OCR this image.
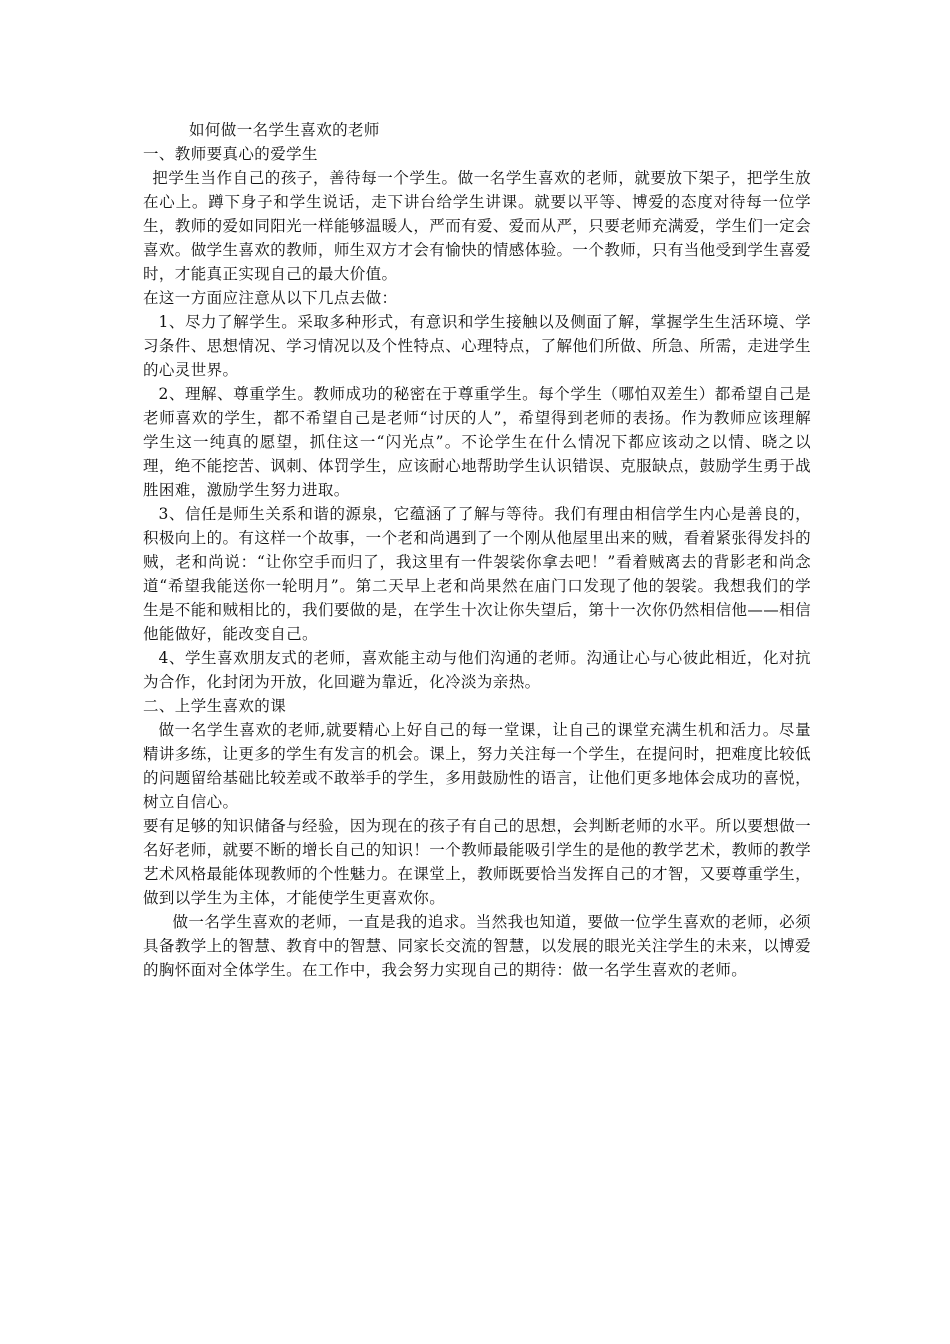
如何做一名学生喜欢的老师
一、教师要真心的爱学生

把学生当作自己的孩子，善待每一个学生。做一名学生喜欢的老师，就要放下架子，把学生放在心上。蹲下身子和学生说话，走下讲台给学生讲课。就要以平等、博爱的态度对待每一位学生，教师的爱如同阳光一样能够温暖人，严而有爱、爱而从严，只要老师充满爱，学生们一定会喜欢。做学生喜欢的教师，师生双方才会有愉快的情感体验。一个教师，只有当他受到学生喜爱时，才能真正实现自己的最大价值。

在这一方面应注意从以下几点去做：

1、尽力了解学生。采取多种形式，有意识和学生接触以及侧面了解，掌握学生生活环境、学习条件、思想情况、学习情况以及个性特点、心理特点，了解他们所做、所急、所需，走进学生的心灵世界。

2、理解、尊重学生。教师成功的秘密在于尊重学生。每个学生（哪怕双差生）都希望自己是老师喜欢的学生，都不希望自己是老师“讨厌的人”，希望得到老师的表扬。作为教师应该理解学生这一纯真的愿望，抓住这一“闪光点”。不论学生在什么情况下都应该动之以情、晓之以理，绝不能挖苦、讽刺、体罚学生，应该耐心地帮助学生认识错误、克服缺点，鼓励学生勇于战胜困难，激励学生努力进取。

3、信任是师生关系和谐的源泉，它蕴涵了了解与等待。我们有理由相信学生内心是善良的，积极向上的。有这样一个故事，一个老和尚遇到了一个刚从他屋里出来的贼，看着紧张得发抖的贼，老和尚说：“让你空手而归了，我这里有一件袈裟你拿去吧！”看着贼离去的背影老和尚念道“希望我能送你一轮明月”。第二天早上老和尚果然在庙门口发现了他的袈裟。我想我们的学生是不能和贼相比的，我们要做的是，在学生十次让你失望后，第十一次你仍然相信他——相信他能做好，能改变自己。

4、学生喜欢朋友式的老师，喜欢能主动与他们沟通的老师。沟通让心与心彼此相近，化对抗为合作，化封闭为开放，化回避为靠近，化冷淡为亲热。

二、上学生喜欢的课

做一名学生喜欢的老师,就要精心上好自己的每一堂课，让自己的课堂充满生机和活力。尽量精讲多练，让更多的学生有发言的机会。课上，努力关注每一个学生，在提问时，把难度比较低的问题留给基础比较差或不敢举手的学生，多用鼓励性的语言，让他们更多地体会成功的喜悦，树立自信心。

要有足够的知识储备与经验，因为现在的孩子有自己的思想，会判断老师的水平。所以要想做一名好老师，就要不断的增长自己的知识！一个教师最能吸引学生的是他的教学艺术，教师的教学艺术风格最能体现教师的个性魅力。在课堂上，教师既要恰当发挥自己的才智，又要尊重学生，做到以学生为主体，才能使学生更喜欢你。

做一名学生喜欢的老师，一直是我的追求。当然我也知道，要做一位学生喜欢的老师，必须具备教学上的智慧、教育中的智慧、同家长交流的智慧，以发展的眼光关注学生的未来，以博爱的胸怀面对全体学生。在工作中，我会努力实现自己的期待：做一名学生喜欢的老师。
